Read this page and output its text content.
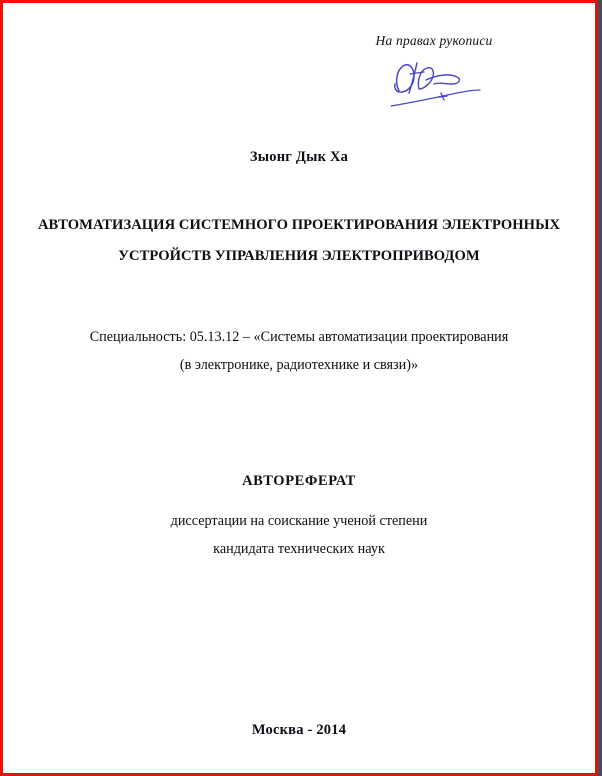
На правах рукописи
Зыонг Дык Ха
АВТОМАТИЗАЦИЯ СИСТЕМНОГО ПРОЕКТИРОВАНИЯ ЭЛЕКТРОННЫХ
УСТРОЙСТВ УПРАВЛЕНИЯ ЭЛЕКТРОПРИВОДОМ
Специальность: 05.13.12 – «Системы автоматизации проектирования
(в электронике, радиотехнике и связи)»
АВТОРЕФЕРАТ
диссертации на соискание ученой степени
кандидата технических наук
Москва - 2014
